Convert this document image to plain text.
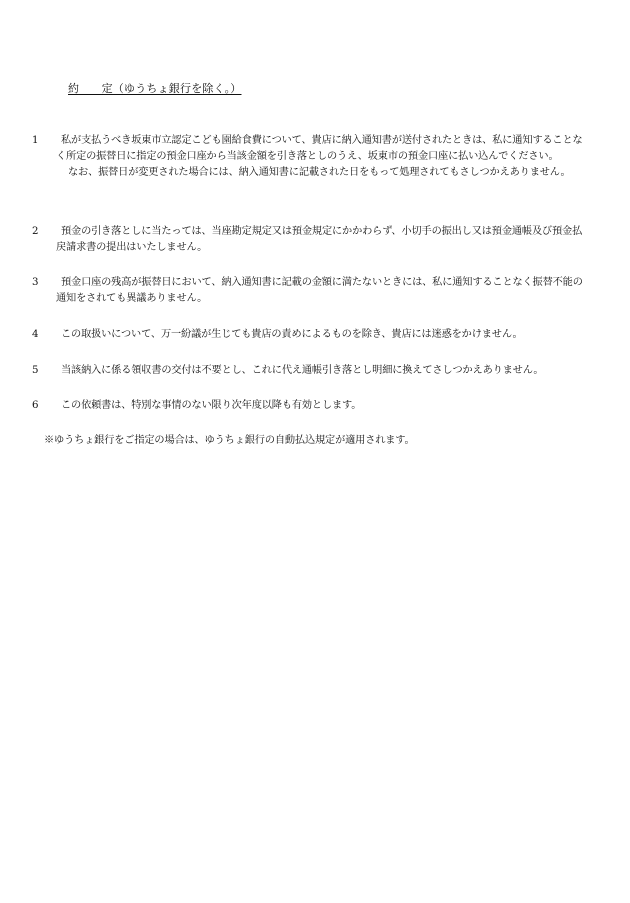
約　　定（ゆうちょ銀行を除く。）

1 私が支払うべき坂東市立認定こども園給食費について、貴店に納入通知書が送付されたときは、私に通知することなく所定の振替日に指定の預金口座から当該金額を引き落としのうえ、坂東市の預金口座に払い込んでください。

なお、振替日が変更された場合には、納入通知書に記載された日をもって処理されてもさしつかえありません。

2 預金の引き落としに当たっては、当座勘定規定又は預金規定にかかわらず、小切手の振出し又は預金通帳及び預金払戻請求書の提出はいたしません。

3 預金口座の残高が振替日において、納入通知書に記載の金額に満たないときには、私に通知することなく振替不能の通知をされても異議ありません。

4 この取扱いについて、万一紛議が生じても貴店の責めによるものを除き、貴店には迷惑をかけません。

5 当該納入に係る領収書の交付は不要とし、これに代え通帳引き落とし明細に換えてさしつかえありません。

6 この依頼書は、特別な事情のない限り次年度以降も有効とします。

※ゆうちょ銀行をご指定の場合は、ゆうちょ銀行の自動払込規定が適用されます。
